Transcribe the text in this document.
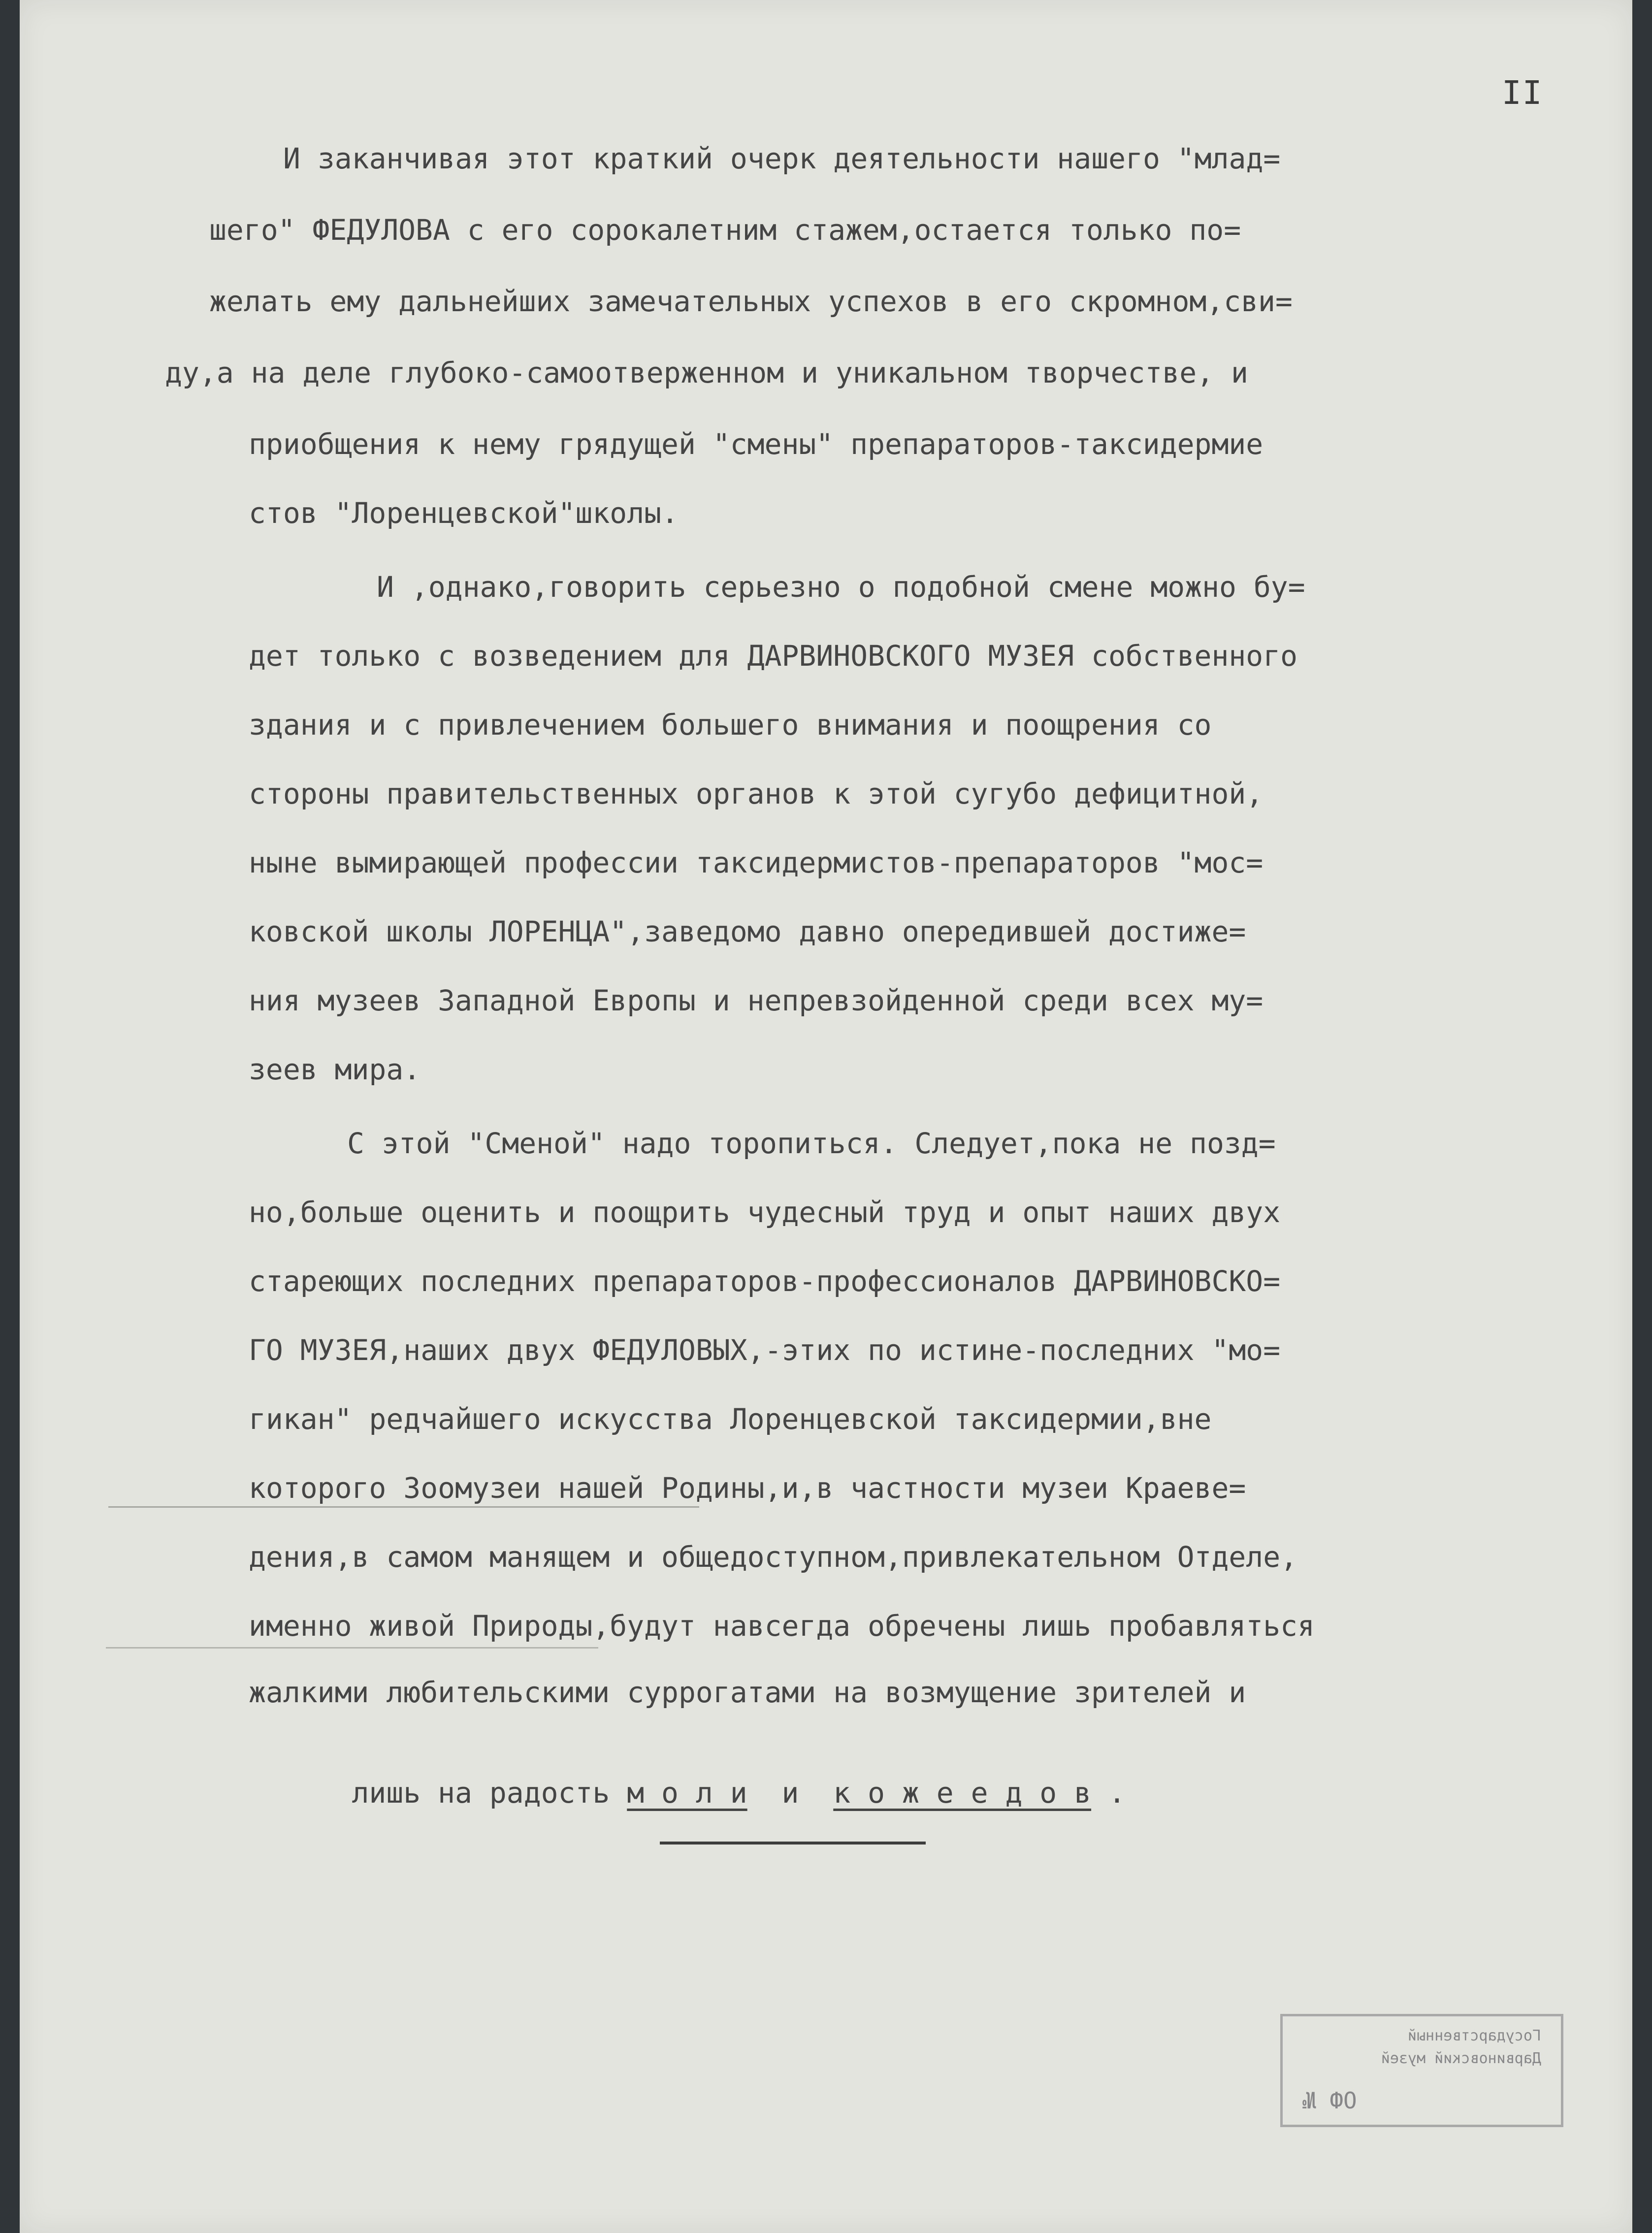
II

И заканчивая этот краткий очерк деятельности нашего "млад=

шего" ФЕДУЛОВА с его сорокалетним стажем,остается только по=

желать ему дальнейших замечательных успехов в его скромном,сви=

ду,а на деле глубоко-самоотверженном и уникальном творчестве, и

приобщения к нему грядущей "смены" препараторов-таксидермие

стов "Лоренцевской"школы.

И ,однако,говорить серьезно о подобной смене можно бу=

дет только с возведением для ДАРВИНОВСКОГО МУЗЕЯ собственного

здания и с привлечением большего внимания и поощрения со

стороны правительственных органов к этой сугубо дефицитной,

ныне вымирающей профессии таксидермистов-препараторов "мос=

ковской школы ЛОРЕНЦА",заведомо давно опередившей достиже=

ния музеев Западной Европы и непревзойденной среди всех му=

зеев мира.

С этой "Сменой" надо торопиться. Следует,пока не позд=

но,больше оценить и поощрить чудесный труд и опыт наших двух

стареющих последних препараторов-профессионалов ДАРВИНОВСКО=

ГО МУЗЕЯ,наших двух ФЕДУЛОВЫХ,-этих по истине-последних "мо=

гикан" редчайшего искусства Лоренцевской таксидермии,вне

которого Зоомузеи нашей Родины,и,в частности музеи Краеве=

дения,в самом манящем и общедоступном,привлекательном Отделе,

именно живой Природы,будут навсегда обречены лишь пробавляться

жалкими любительскими суррогатами на возмущение зрителей и

лишь на радость м о л и  и  к о ж е е д о в .

Государственный
Дарвиновский музей
ОФ №
